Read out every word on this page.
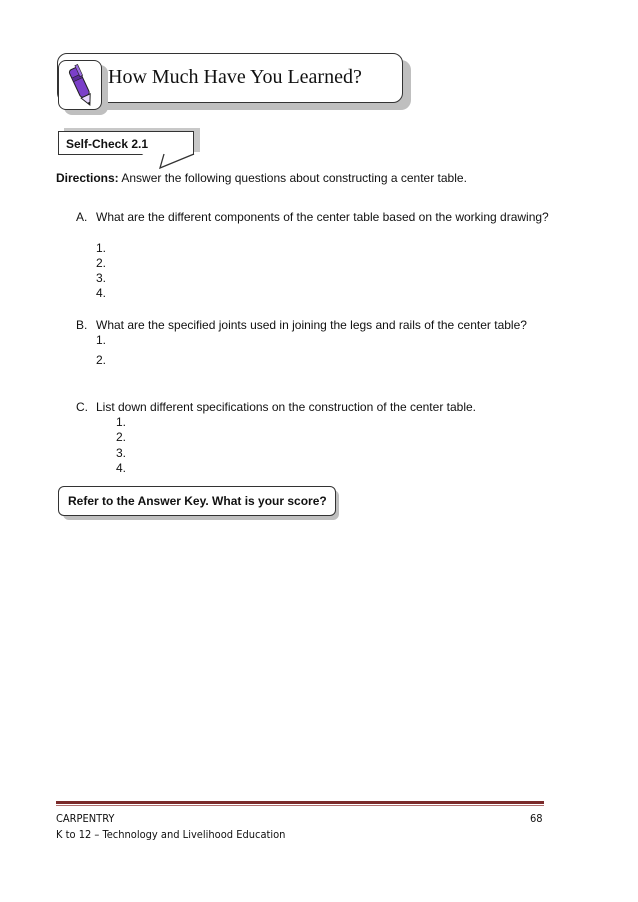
How Much Have You Learned?
Self-Check 2.1
Directions: Answer the following questions about constructing a center table.
A. What are the different components of the center table based on the working drawing?
1.
2.
3.
4.
B. What are the specified joints used in joining the legs and rails of the center table?
1.
2.
C. List down different specifications on the construction of the center table.
1.
2.
3.
4.
Refer to the Answer Key. What is your score?
CARPENTRY	68
K to 12 – Technology and Livelihood Education
